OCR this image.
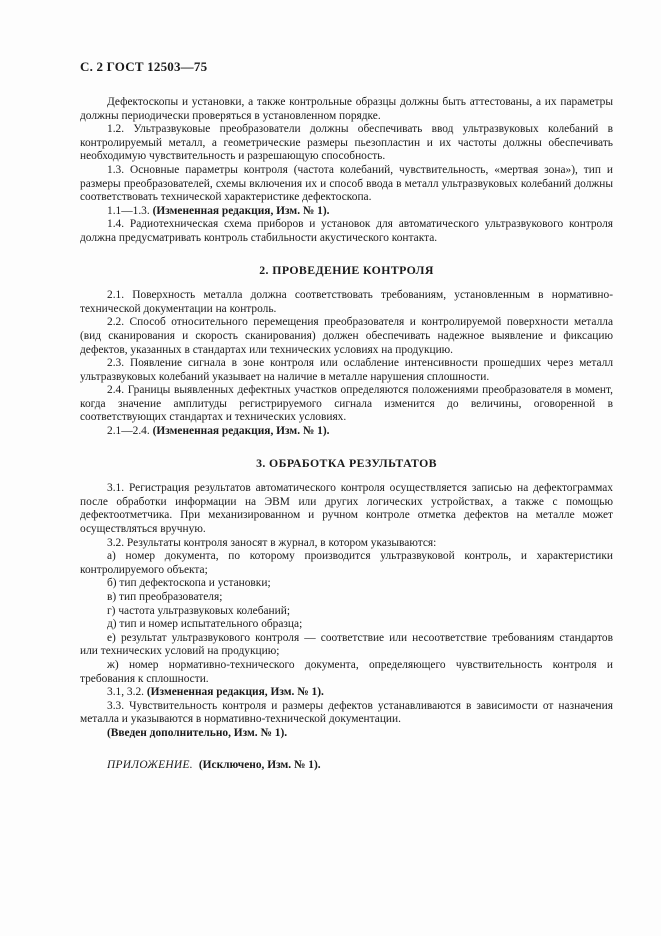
С. 2 ГОСТ 12503—75

Дефектоскопы и установки, а также контрольные образцы должны быть аттестованы, а их параметры должны периодически проверяться в установленном порядке.

1.2. Ультразвуковые преобразователи должны обеспечивать ввод ультразвуковых колебаний в контролируемый металл, а геометрические размеры пьезопластин и их частоты должны обеспечивать необходимую чувствительность и разрешающую способность.

1.3. Основные параметры контроля (частота колебаний, чувствительность, «мертвая зона»), тип и размеры преобразователей, схемы включения их и способ ввода в металл ультразвуковых колебаний должны соответствовать технической характеристике дефектоскопа.

1.1—1.3. (Измененная редакция, Изм. № 1).

1.4. Радиотехническая схема приборов и установок для автоматического ультразвукового контроля должна предусматривать контроль стабильности акустического контакта.

2. ПРОВЕДЕНИЕ КОНТРОЛЯ

2.1. Поверхность металла должна соответствовать требованиям, установленным в нормативно-технической документации на контроль.

2.2. Способ относительного перемещения преобразователя и контролируемой поверхности металла (вид сканирования и скорость сканирования) должен обеспечивать надежное выявление и фиксацию дефектов, указанных в стандартах или технических условиях на продукцию.

2.3. Появление сигнала в зоне контроля или ослабление интенсивности прошедших через металл ультразвуковых колебаний указывает на наличие в металле нарушения сплошности.

2.4. Границы выявленных дефектных участков определяются положениями преобразователя в момент, когда значение амплитуды регистрируемого сигнала изменится до величины, оговоренной в соответствующих стандартах и технических условиях.

2.1—2.4. (Измененная редакция, Изм. № 1).

3. ОБРАБОТКА РЕЗУЛЬТАТОВ

3.1. Регистрация результатов автоматического контроля осуществляется записью на дефектограммах после обработки информации на ЭВМ или других логических устройствах, а также с помощью дефектоотметчика. При механизированном и ручном контроле отметка дефектов на металле может осуществляться вручную.

3.2. Результаты контроля заносят в журнал, в котором указываются:

а) номер документа, по которому производится ультразвуковой контроль, и характеристики контролируемого объекта;

б) тип дефектоскопа и установки;

в) тип преобразователя;

г) частота ультразвуковых колебаний;

д) тип и номер испытательного образца;

е) результат ультразвукового контроля — соответствие или несоответствие требованиям стандартов или технических условий на продукцию;

ж) номер нормативно-технического документа, определяющего чувствительность контроля и требования к сплошности.

3.1, 3.2. (Измененная редакция, Изм. № 1).

3.3. Чувствительность контроля и размеры дефектов устанавливаются в зависимости от назначения металла и указываются в нормативно-технической документации.

(Введен дополнительно, Изм. № 1).

ПРИЛОЖЕНИЕ. (Исключено, Изм. № 1).
